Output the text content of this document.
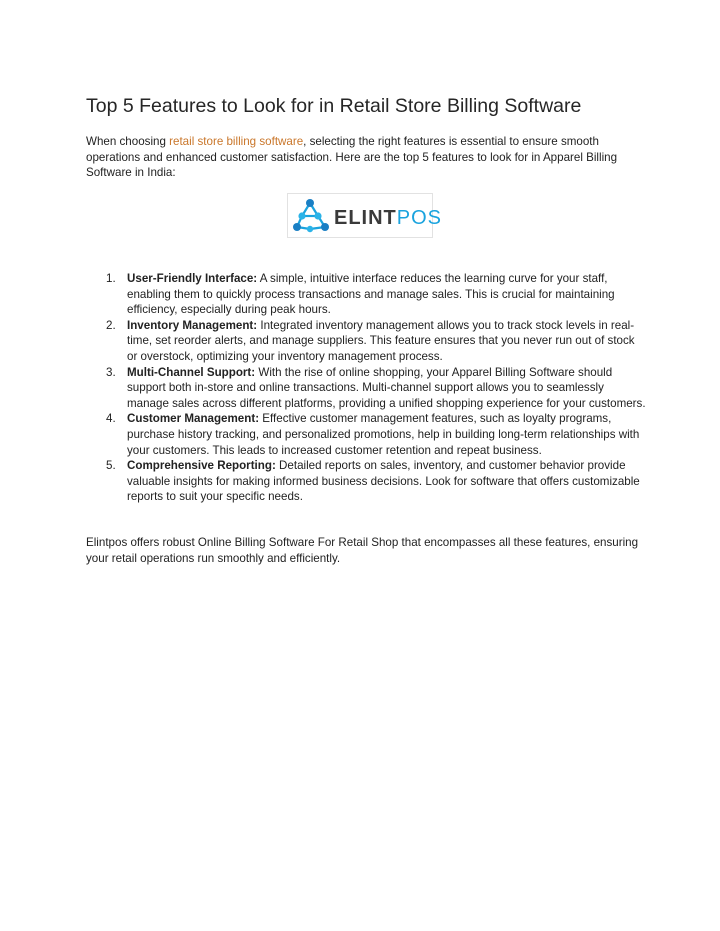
Top 5 Features to Look for in Retail Store Billing Software

When choosing retail store billing software, selecting the right features is essential to ensure smooth operations and enhanced customer satisfaction. Here are the top 5 features to look for in Apparel Billing Software in India:

ELINTPOS
1. User-Friendly Interface: A simple, intuitive interface reduces the learning curve for your staff, enabling them to quickly process transactions and manage sales. This is crucial for maintaining efficiency, especially during peak hours.
2. Inventory Management: Integrated inventory management allows you to track stock levels in real-time, set reorder alerts, and manage suppliers. This feature ensures that you never run out of stock or overstock, optimizing your inventory management process.
3. Multi-Channel Support: With the rise of online shopping, your Apparel Billing Software should support both in-store and online transactions. Multi-channel support allows you to seamlessly manage sales across different platforms, providing a unified shopping experience for your customers.
4. Customer Management: Effective customer management features, such as loyalty programs, purchase history tracking, and personalized promotions, help in building long-term relationships with your customers. This leads to increased customer retention and repeat business.
5. Comprehensive Reporting: Detailed reports on sales, inventory, and customer behavior provide valuable insights for making informed business decisions. Look for software that offers customizable reports to suit your specific needs.

Elintpos offers robust Online Billing Software For Retail Shop that encompasses all these features, ensuring your retail operations run smoothly and efficiently.
